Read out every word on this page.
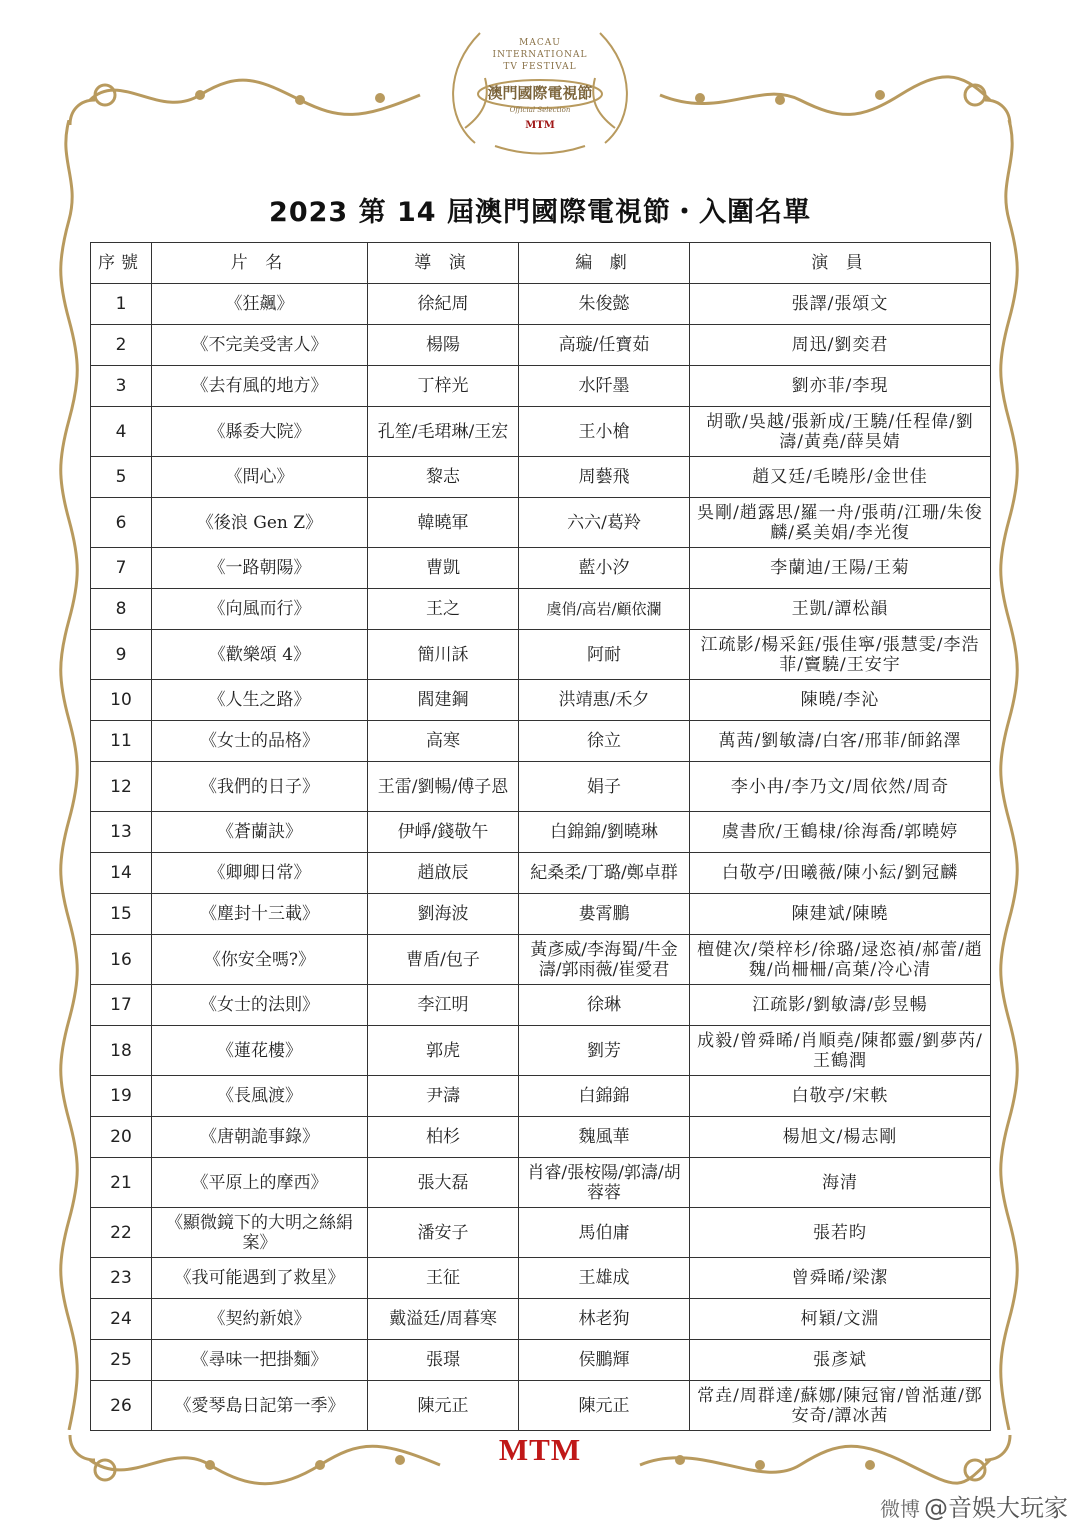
MACAU
INTERNATIONAL
TV FESTIVAL
澳門國際電視節
Official Selection
MTM
2023 第 14 屆澳門國際電視節・入圍名單
序號	片 名	導 演	編 劇	演 員
1	《狂飆》	徐紀周	朱俊懿	張譯/張頌文
2	《不完美受害人》	楊陽	高璇/任寶茹	周迅/劉奕君
3	《去有風的地方》	丁梓光	水阡墨	劉亦菲/李現
4	《縣委大院》	孔笙/毛珺琳/王宏	王小槍	胡歌/吳越/張新成/王驍/任程偉/劉濤/黃堯/薛昊婧
5	《問心》	黎志	周藝飛	趙又廷/毛曉彤/金世佳
6	《後浪 Gen Z》	韓曉軍	六六/葛羚	吳剛/趙露思/羅一舟/張萌/江珊/朱俊麟/奚美娟/李光復
7	《一路朝陽》	曹凱	藍小汐	李蘭迪/王陽/王菊
8	《向風而行》	王之	虞俏/高岩/顧依瀾	王凱/譚松韻
9	《歡樂頌 4》	簡川訸	阿耐	江疏影/楊采鈺/張佳寧/張慧雯/李浩菲/竇驍/王安宇
10	《人生之路》	閻建鋼	洪靖惠/禾夕	陳曉/李沁
11	《女士的品格》	高寒	徐立	萬茜/劉敏濤/白客/邢菲/師銘澤
12	《我們的日子》	王雷/劉暢/傅子恩	娟子	李小冉/李乃文/周依然/周奇
13	《蒼蘭訣》	伊崢/錢敬午	白錦錦/劉曉琳	虞書欣/王鶴棣/徐海喬/郭曉婷
14	《卿卿日常》	趙啟辰	紀桑柔/丁璐/鄭卓群	白敬亭/田曦薇/陳小紜/劉冠麟
15	《塵封十三載》	劉海波	婁霄鵬	陳建斌/陳曉
16	《你安全嗎?》	曹盾/包子	黃彥威/李海蜀/牛金濤/郭雨薇/崔愛君	檀健次/榮梓杉/徐璐/逯恣禎/郝蕾/趙魏/尚柵柵/高葉/冷心清
17	《女士的法則》	李江明	徐琳	江疏影/劉敏濤/彭昱暢
18	《蓮花樓》	郭虎	劉芳	成毅/曾舜晞/肖順堯/陳都靈/劉夢芮/王鶴潤
19	《長風渡》	尹濤	白錦錦	白敬亭/宋軼
20	《唐朝詭事錄》	柏杉	魏風華	楊旭文/楊志剛
21	《平原上的摩西》	張大磊	肖睿/張桉陽/郭濤/胡蓉蓉	海清
22	《顯微鏡下的大明之絲絹案》	潘安子	馬伯庸	張若昀
23	《我可能遇到了救星》	王征	王雄成	曾舜晞/梁潔
24	《契約新娘》	戴溢廷/周暮寒	林老狗	柯穎/文淵
25	《尋味一把掛麵》	張璟	侯鵬輝	張彥斌
26	《愛琴島日記第一季》	陳元正	陳元正	常垚/周群達/蘇娜/陳冠甯/曾湉蓮/鄧安奇/譚冰茜
MTM
微博 @音娛大玩家
